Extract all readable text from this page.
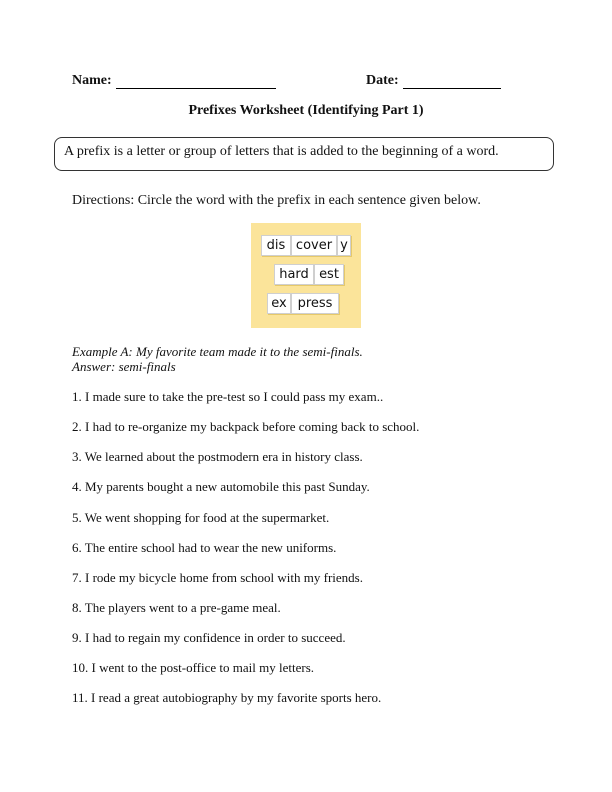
Name:	Date:
Prefixes Worksheet (Identifying Part 1)
A prefix is a letter or group of letters that is added to the beginning of a word.
Directions: Circle the word with the prefix in each sentence given below.
dis cover y
hard est
ex press
Example A: My favorite team made it to the semi-finals.
Answer: semi-finals
1. I made sure to take the pre-test so I could pass my exam..
2. I had to re-organize my backpack before coming back to school.
3. We learned about the postmodern era in history class.
4. My parents bought a new automobile this past Sunday.
5. We went shopping for food at the supermarket.
6. The entire school had to wear the new uniforms.
7. I rode my bicycle home from school with my friends.
8. The players went to a pre-game meal.
9. I had to regain my confidence in order to succeed.
10. I went to the post-office to mail my letters.
11. I read a great autobiography by my favorite sports hero.
